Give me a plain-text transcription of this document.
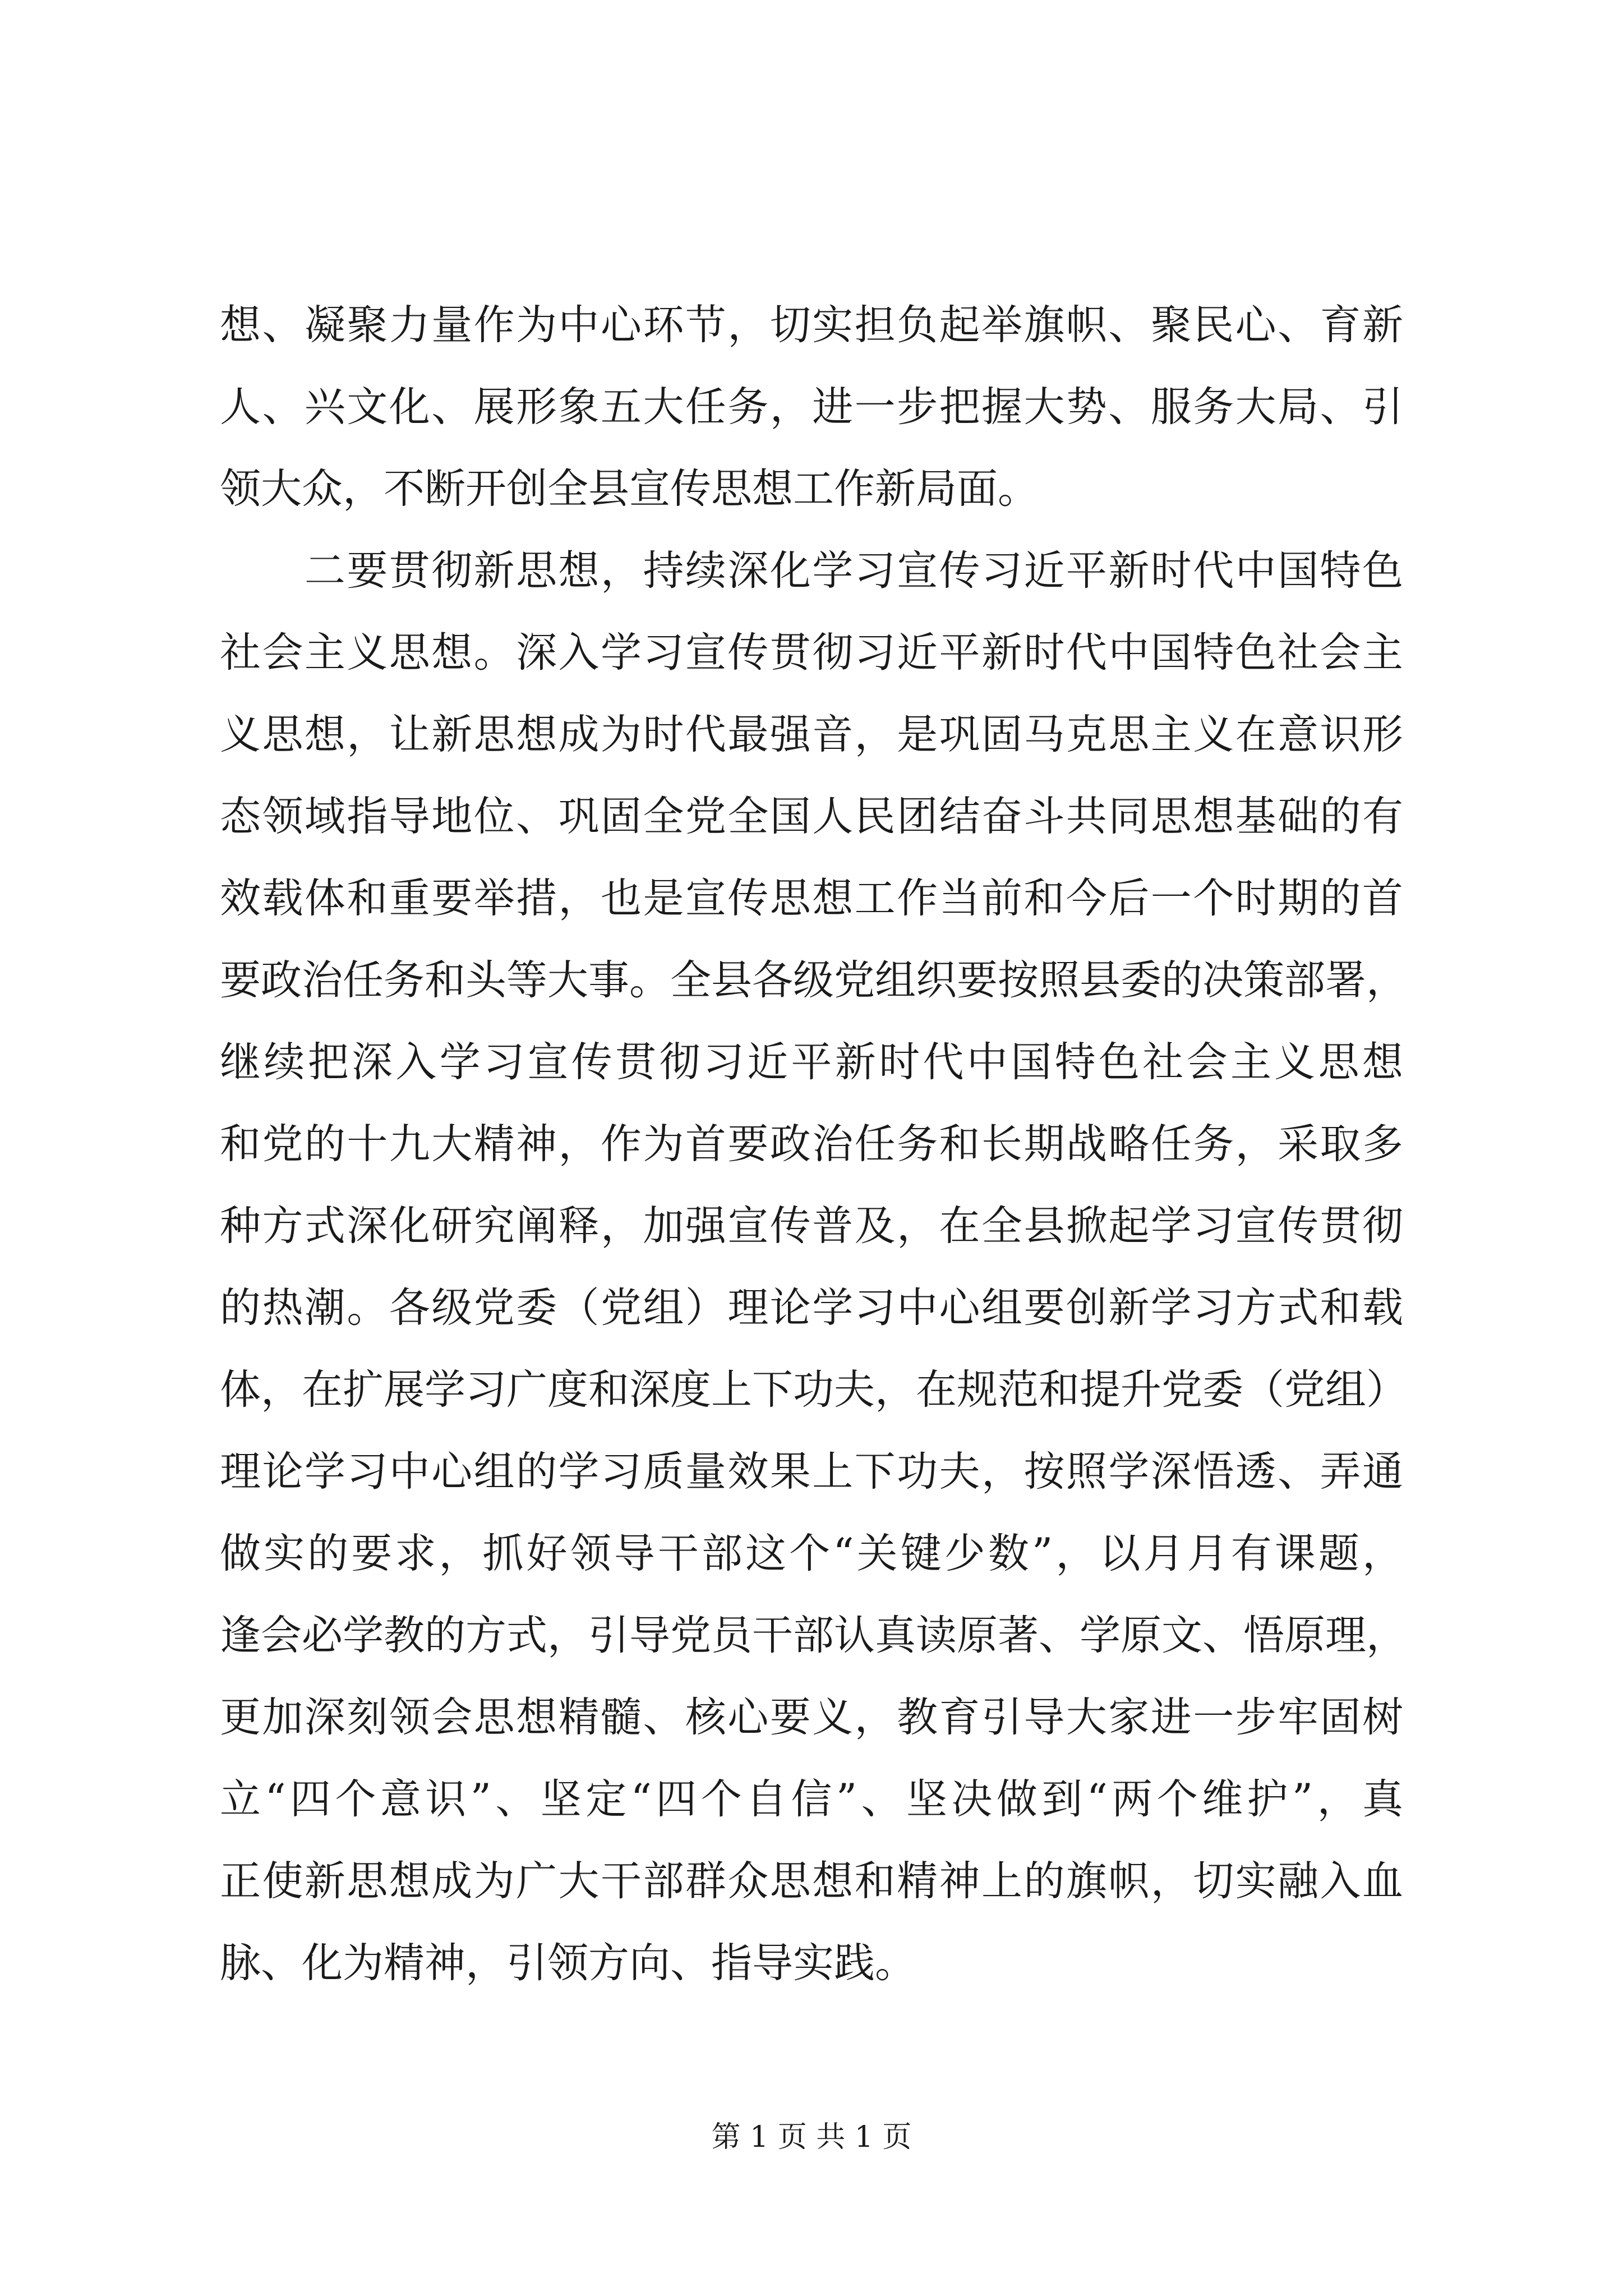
想、凝聚力量作为中心环节，切实担负起举旗帜、聚民心、育新
人、兴文化、展形象五大任务，进一步把握大势、服务大局、引
领大众，不断开创全县宣传思想工作新局面。
　　二要贯彻新思想，持续深化学习宣传习近平新时代中国特色
社会主义思想。深入学习宣传贯彻习近平新时代中国特色社会主
义思想，让新思想成为时代最强音，是巩固马克思主义在意识形
态领域指导地位、巩固全党全国人民团结奋斗共同思想基础的有
效载体和重要举措，也是宣传思想工作当前和今后一个时期的首
要政治任务和头等大事。全县各级党组织要按照县委的决策部署，
继续把深入学习宣传贯彻习近平新时代中国特色社会主义思想
和党的十九大精神，作为首要政治任务和长期战略任务，采取多
种方式深化研究阐释，加强宣传普及，在全县掀起学习宣传贯彻
的热潮。各级党委（党组）理论学习中心组要创新学习方式和载
体，在扩展学习广度和深度上下功夫，在规范和提升党委（党组）
理论学习中心组的学习质量效果上下功夫，按照学深悟透、弄通
做实的要求，抓好领导干部这个“关键少数”，以月月有课题，
逢会必学教的方式，引导党员干部认真读原著、学原文、悟原理，
更加深刻领会思想精髓、核心要义，教育引导大家进一步牢固树
立“四个意识”、坚定“四个自信”、坚决做到“两个维护”，真
正使新思想成为广大干部群众思想和精神上的旗帜，切实融入血
脉、化为精神，引领方向、指导实践。
第 1 页 共 1 页
